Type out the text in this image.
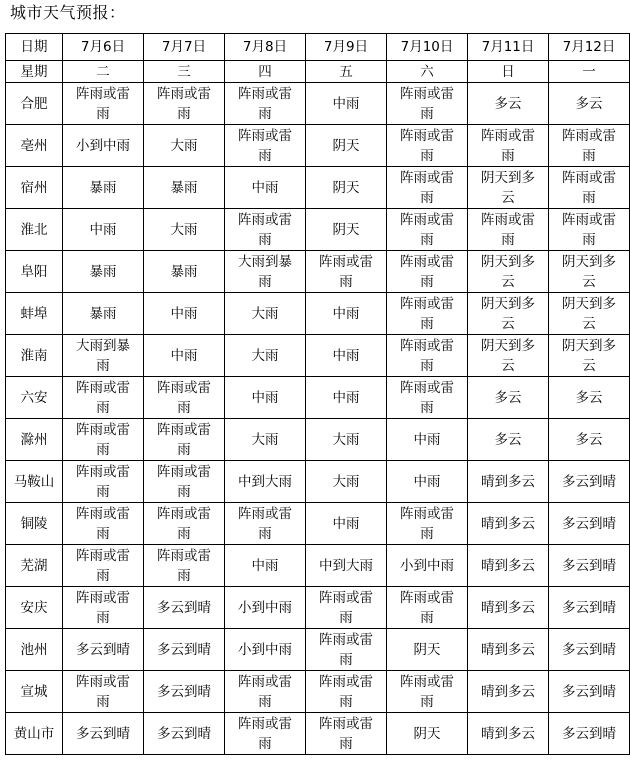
城市天气预报：
日期	7月6日	7月7日	7月8日	7月9日	7月10日	7月11日	7月12日
星期	二	三	四	五	六	日	一
合肥	阵雨或雷雨	阵雨或雷雨	阵雨或雷雨	中雨	阵雨或雷雨	多云	多云
亳州	小到中雨	大雨	阵雨或雷雨	阴天	阵雨或雷雨	阵雨或雷雨	阵雨或雷雨
宿州	暴雨	暴雨	中雨	阴天	阵雨或雷雨	阴天到多云	阵雨或雷雨
淮北	中雨	大雨	阵雨或雷雨	阴天	阵雨或雷雨	阵雨或雷雨	阵雨或雷雨
阜阳	暴雨	暴雨	大雨到暴雨	阵雨或雷雨	阵雨或雷雨	阴天到多云	阴天到多云
蚌埠	暴雨	中雨	大雨	中雨	阵雨或雷雨	阴天到多云	阴天到多云
淮南	大雨到暴雨	中雨	大雨	中雨	阵雨或雷雨	阴天到多云	阴天到多云
六安	阵雨或雷雨	阵雨或雷雨	中雨	中雨	阵雨或雷雨	多云	多云
滁州	阵雨或雷雨	阵雨或雷雨	大雨	大雨	中雨	多云	多云
马鞍山	阵雨或雷雨	阵雨或雷雨	中到大雨	大雨	中雨	晴到多云	多云到晴
铜陵	阵雨或雷雨	阵雨或雷雨	阵雨或雷雨	中雨	阵雨或雷雨	晴到多云	多云到晴
芜湖	阵雨或雷雨	阵雨或雷雨	中雨	中到大雨	小到中雨	晴到多云	多云到晴
安庆	阵雨或雷雨	多云到晴	小到中雨	阵雨或雷雨	阵雨或雷雨	晴到多云	多云到晴
池州	多云到晴	多云到晴	小到中雨	阵雨或雷雨	阴天	晴到多云	多云到晴
宣城	阵雨或雷雨	多云到晴	阵雨或雷雨	阵雨或雷雨	阵雨或雷雨	晴到多云	多云到晴
黄山市	多云到晴	多云到晴	阵雨或雷雨	阵雨或雷雨	阴天	晴到多云	多云到晴
